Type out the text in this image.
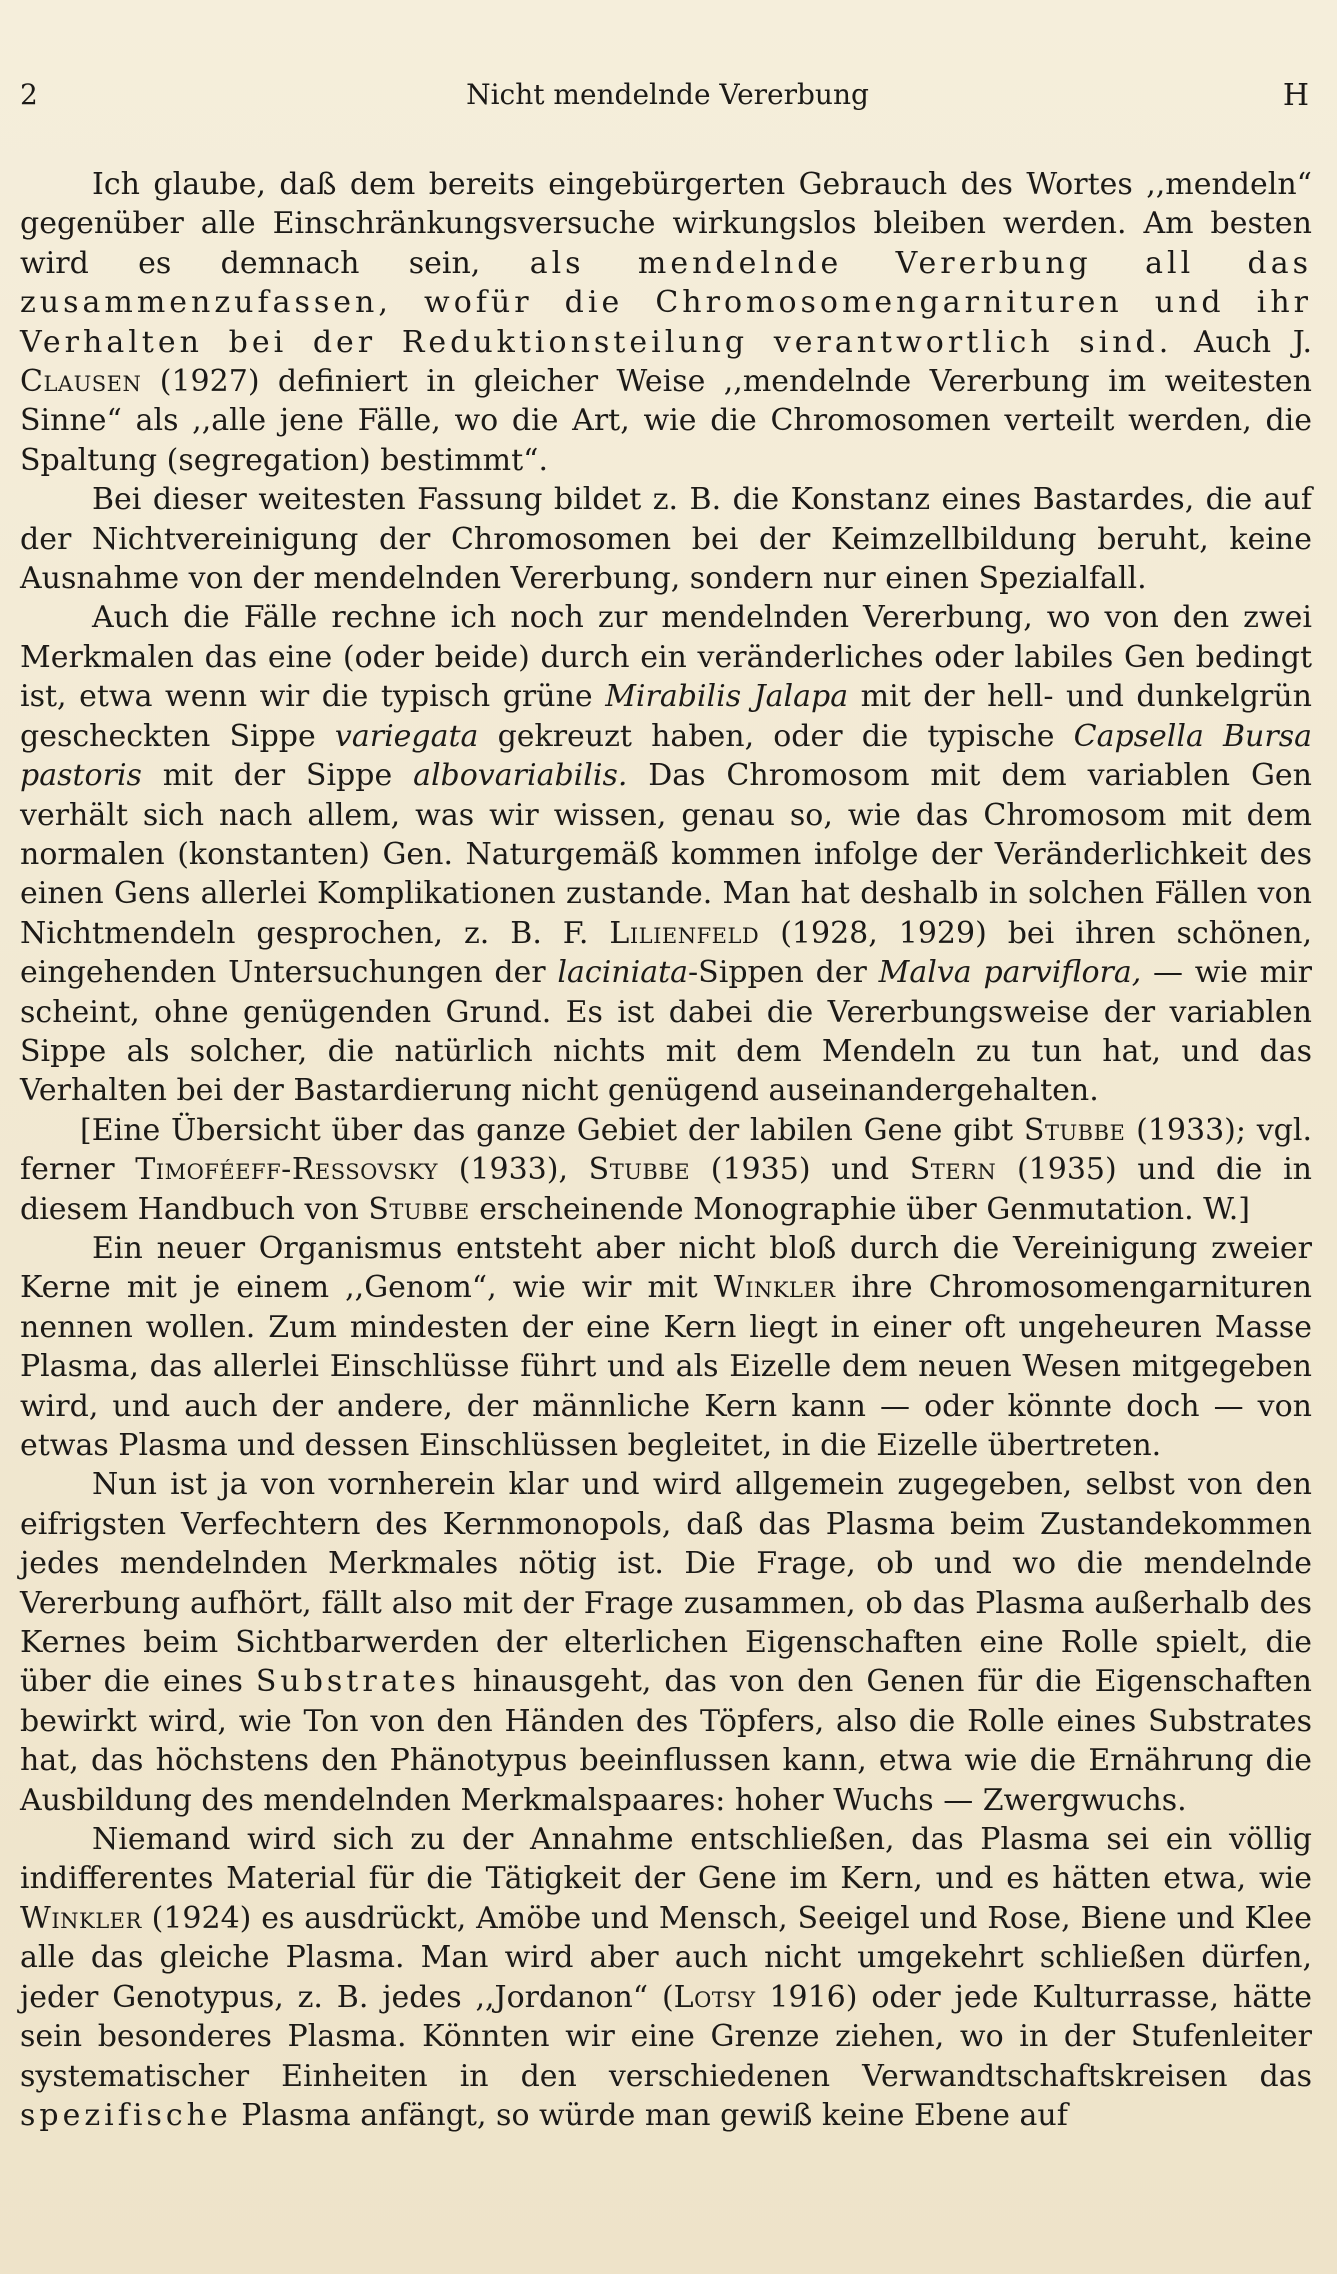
2	Nicht mendelnde Vererbung	H

Ich glaube, daß dem bereits eingebürgerten Gebrauch des Wortes ,,mendeln“ gegenüber alle Einschränkungsversuche wirkungslos bleiben werden. Am besten wird es demnach sein, als mendelnde Vererbung all das zusammenzufassen, wofür die Chromosomengarnituren und ihr Verhalten bei der Reduktionsteilung verantwortlich sind. Auch J. Clausen (1927) definiert in gleicher Weise ,,mendelnde Vererbung im weitesten Sinne“ als ,,alle jene Fälle, wo die Art, wie die Chromosomen verteilt werden, die Spaltung (segregation) bestimmt“.

Bei dieser weitesten Fassung bildet z. B. die Konstanz eines Bastardes, die auf der Nichtvereinigung der Chromosomen bei der Keimzellbildung beruht, keine Ausnahme von der mendelnden Vererbung, sondern nur einen Spezialfall.

Auch die Fälle rechne ich noch zur mendelnden Vererbung, wo von den zwei Merkmalen das eine (oder beide) durch ein veränderliches oder labiles Gen bedingt ist, etwa wenn wir die typisch grüne Mirabilis Jalapa mit der hell- und dunkelgrün gescheckten Sippe variegata gekreuzt haben, oder die typische Capsella Bursa pastoris mit der Sippe albovariabilis. Das Chromosom mit dem variablen Gen verhält sich nach allem, was wir wissen, genau so, wie das Chromosom mit dem normalen (konstanten) Gen. Naturgemäß kommen infolge der Veränderlichkeit des einen Gens allerlei Komplikationen zustande. Man hat deshalb in solchen Fällen von Nichtmendeln gesprochen, z. B. F. Lilienfeld (1928, 1929) bei ihren schönen, eingehenden Untersuchungen der laciniata-Sippen der Malva parviflora, — wie mir scheint, ohne genügenden Grund. Es ist dabei die Vererbungsweise der variablen Sippe als solcher, die natürlich nichts mit dem Mendeln zu tun hat, und das Verhalten bei der Bastardierung nicht genügend auseinandergehalten.

[Eine Übersicht über das ganze Gebiet der labilen Gene gibt Stubbe (1933); vgl. ferner Timoféeff-Ressovsky (1933), Stubbe (1935) und Stern (1935) und die in diesem Handbuch von Stubbe erscheinende Monographie über Genmutation. W.]

Ein neuer Organismus entsteht aber nicht bloß durch die Vereinigung zweier Kerne mit je einem ,,Genom“, wie wir mit Winkler ihre Chromosomengarnituren nennen wollen. Zum mindesten der eine Kern liegt in einer oft ungeheuren Masse Plasma, das allerlei Einschlüsse führt und als Eizelle dem neuen Wesen mitgegeben wird, und auch der andere, der männliche Kern kann — oder könnte doch — von etwas Plasma und dessen Einschlüssen begleitet, in die Eizelle übertreten.

Nun ist ja von vornherein klar und wird allgemein zugegeben, selbst von den eifrigsten Verfechtern des Kernmonopols, daß das Plasma beim Zustandekommen jedes mendelnden Merkmales nötig ist. Die Frage, ob und wo die mendelnde Vererbung aufhört, fällt also mit der Frage zusammen, ob das Plasma außerhalb des Kernes beim Sichtbarwerden der elterlichen Eigenschaften eine Rolle spielt, die über die eines Substrates hinausgeht, das von den Genen für die Eigenschaften bewirkt wird, wie Ton von den Händen des Töpfers, also die Rolle eines Substrates hat, das höchstens den Phänotypus beeinflussen kann, etwa wie die Ernährung die Ausbildung des mendelnden Merkmalspaares: hoher Wuchs — Zwergwuchs.

Niemand wird sich zu der Annahme entschließen, das Plasma sei ein völlig indifferentes Material für die Tätigkeit der Gene im Kern, und es hätten etwa, wie Winkler (1924) es ausdrückt, Amöbe und Mensch, Seeigel und Rose, Biene und Klee alle das gleiche Plasma. Man wird aber auch nicht umgekehrt schließen dürfen, jeder Genotypus, z. B. jedes ,,Jordanon“ (Lotsy 1916) oder jede Kulturrasse, hätte sein besonderes Plasma. Könnten wir eine Grenze ziehen, wo in der Stufenleiter systematischer Einheiten in den verschiedenen Verwandtschaftskreisen das spezifische Plasma anfängt, so würde man gewiß keine Ebene auf
